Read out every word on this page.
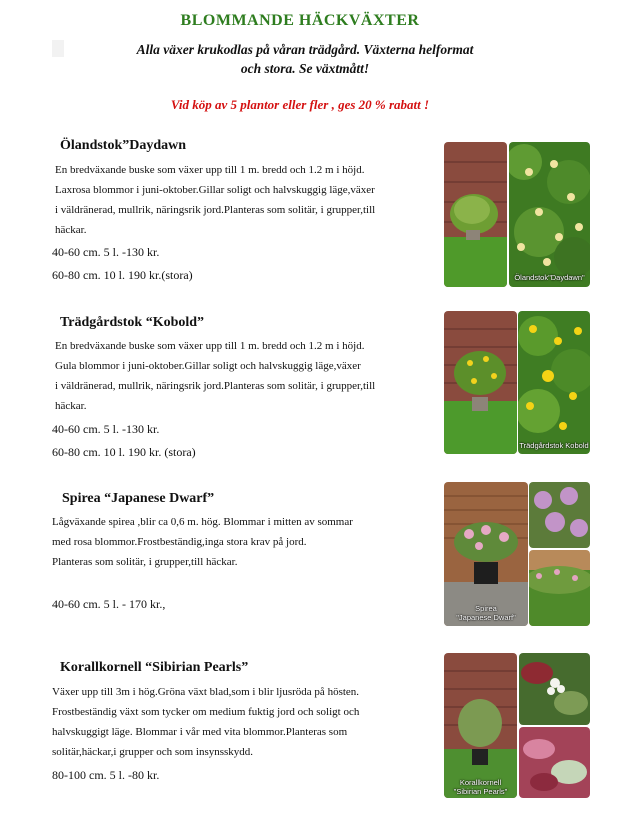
BLOMMANDE HÄCKVÄXTER
Alla växer krukodlas på våran trädgård. Växterna helformat
och stora. Se växtmått!
Vid köp av 5 plantor eller fler , ges 20 % rabatt !
Ölandstok”Daydawn
En bredväxande buske som växer upp till 1 m. bredd och 1.2 m i höjd.
Laxrosa blommor i juni-oktober.Gillar soligt och halvskuggig läge,växer
i väldränerad, mullrik, näringsrik jord.Planteras som solitär, i grupper,till
häckar.
40-60 cm. 5 l. -130 kr.
60-80 cm. 10 l. 190 kr.(stora)	Ölandstok"Daydawn"
Trädgårdstok “Kobold”
En bredväxande buske som växer upp till 1 m. bredd och 1.2 m i höjd.
Gula blommor i juni-oktober.Gillar soligt och halvskuggig läge,växer
i väldränerad, mullrik, näringsrik jord.Planteras som solitär, i grupper,till
häckar.
40-60 cm. 5 l. -130 kr.
60-80 cm. 10 l. 190 kr. (stora)	Trädgårdstok Kobold
Spirea “Japanese Dwarf”
Lågväxande spirea ,blir ca 0,6 m. hög. Blommar i mitten av sommar
med rosa blommor.Frostbeständig,inga stora krav på jord.
Planteras som solitär, i grupper,till häckar.
40-60 cm. 5 l. - 170 kr.,	Spirea
"Japanese Dwarf"
Korallkornell “Sibirian Pearls”
Växer upp till 3m i hög.Gröna växt blad,som i blir ljusröda på hösten.
Frostbeständig växt som tycker om medium fuktig jord och soligt och
halvskuggigt läge. Blommar i vår med vita blommor.Planteras som
solitär,häckar,i grupper och som insynsskydd.
80-100 cm. 5 l. -80 kr.
Korallkornell
"Sibirian Pearls"
